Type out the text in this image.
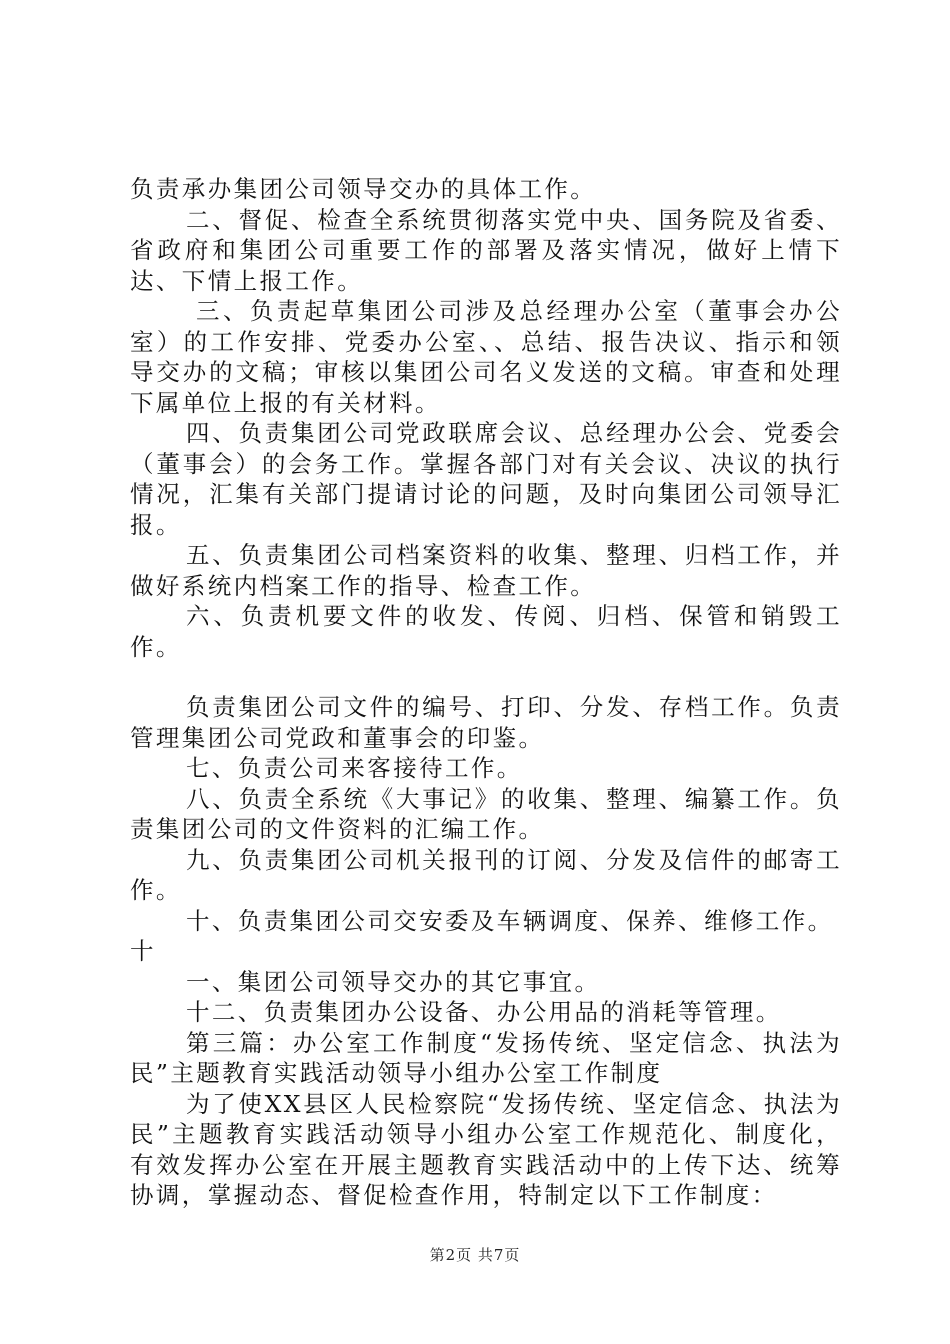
负责承办集团公司领导交办的具体工作。

二、督促、检查全系统贯彻落实党中央、国务院及省委、省政府和集团公司重要工作的部署及落实情况，做好上情下达、下情上报工作。

三、负责起草集团公司涉及总经理办公室（董事会办公室）的工作安排、党委办公室、、总结、报告决议、指示和领导交办的文稿；审核以集团公司名义发送的文稿。审查和处理下属单位上报的有关材料。

四、负责集团公司党政联席会议、总经理办公会、党委会（董事会）的会务工作。掌握各部门对有关会议、决议的执行情况，汇集有关部门提请讨论的问题，及时向集团公司领导汇报。

五、负责集团公司档案资料的收集、整理、归档工作，并做好系统内档案工作的指导、检查工作。

六、负责机要文件的收发、传阅、归档、保管和销毁工作。

负责集团公司文件的编号、打印、分发、存档工作。负责管理集团公司党政和董事会的印鉴。

七、负责公司来客接待工作。

八、负责全系统《大事记》的收集、整理、编纂工作。负责集团公司的文件资料的汇编工作。

九、负责集团公司机关报刊的订阅、分发及信件的邮寄工作。

十、负责集团公司交安委及车辆调度、保养、维修工作。

十

一、集团公司领导交办的其它事宜。

十二、负责集团办公设备、办公用品的消耗等管理。

第三篇：办公室工作制度“发扬传统、坚定信念、执法为民”主题教育实践活动领导小组办公室工作制度

为了使XX县区人民检察院“发扬传统、坚定信念、执法为民”主题教育实践活动领导小组办公室工作规范化、制度化，有效发挥办公室在开展主题教育实践活动中的上传下达、统筹协调，掌握动态、督促检查作用，特制定以下工作制度：

第2页 共7页
